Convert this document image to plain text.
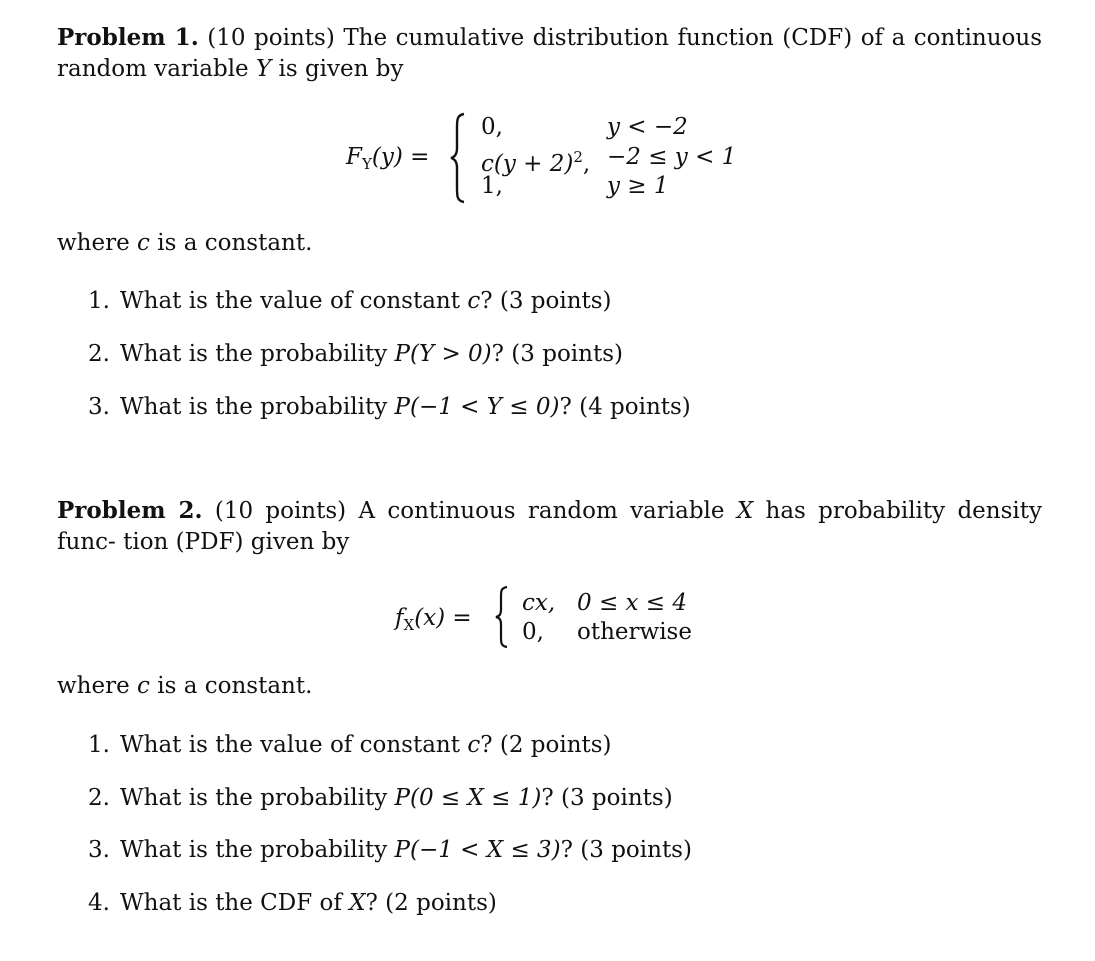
Problem 1. (10 points) The cumulative distribution function (CDF) of a continuous random variable Y is given by
$F_Y(y)$ =
0,	y < −2
$c(y + 2)^2$, −2 ≤ y < 1
1,	y ≥ 1
where c is a constant.
1. What is the value of constant c? (3 points)
2. What is the probability P(Y > 0)? (3 points)
3. What is the probability P(−1 < Y ≤ 0)? (4 points)
Problem 2. (10 points) A continuous random variable X has probability density func- tion (PDF) given by
$f_X(x)$ =
cx, 0 ≤ x ≤ 4
0, otherwise
where c is a constant.
1. What is the value of constant c? (2 points)
2. What is the probability P(0 ≤ X ≤ 1)? (3 points)
3. What is the probability P(−1 < X ≤ 3)? (3 points)
4. What is the CDF of X? (2 points)
